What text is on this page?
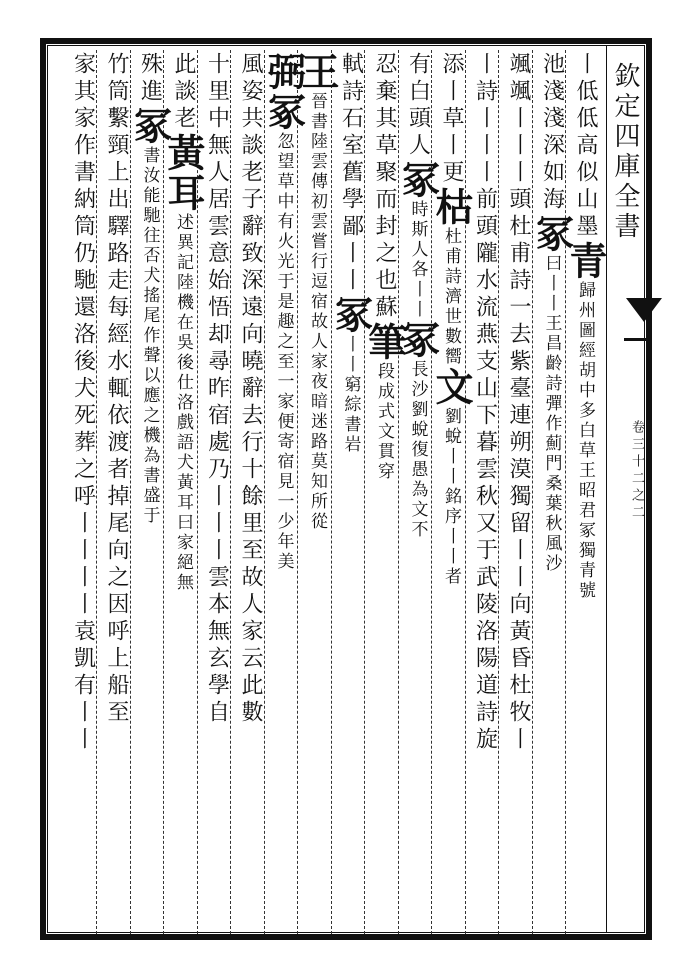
欽定四庫全書
卷三十二之二
丨低低高似山墨青歸州圖經胡中多白草王昭君冢獨青號
池淺淺深如海冢曰丨丨王昌齡詩彈作薊門桑葉秋風沙
颯颯丨丨丨頭杜甫詩一去紫臺連朔漠獨留丨丨向黃昏杜牧丨
丨詩丨丨丨前頭隴水流燕支山下暮雲秋又于武陵洛陽道詩旋
添丨草丨更枯杜甫詩濟世數嚮文劉蛻丨丨銘序丨丨者
有白頭人冢時斯人各丨丨冢長沙劉蛻復愚為文不
忍棄其草聚而封之也蘇筆段成式文貫穿
軾詩石室舊學鄙丨丨冢丨丨窮綜書岩
王晉書陸雲傳初雲嘗行逗宿故人家夜暗迷路莫知所從
弼冢忽望草中有火光于是趣之至一家便寄宿見一少年美
風姿共談老子辭致深遠向曉辭去行十餘里至故人家云此數
十里中無人居雲意始悟却尋昨宿處乃丨丨丨雲本無玄學自
此談老黃耳述異記陸機在吳後仕洛戲語犬黃耳曰家絕無
殊進冢書汝能馳往否犬搖尾作聲以應之機為書盛于
竹筒繫頸上出驛路走每經水輒依渡者掉尾向之因呼上船至
家其家作書納筒仍馳還洛後犬死葬之呼丨丨丨丨袁凱有丨丨
